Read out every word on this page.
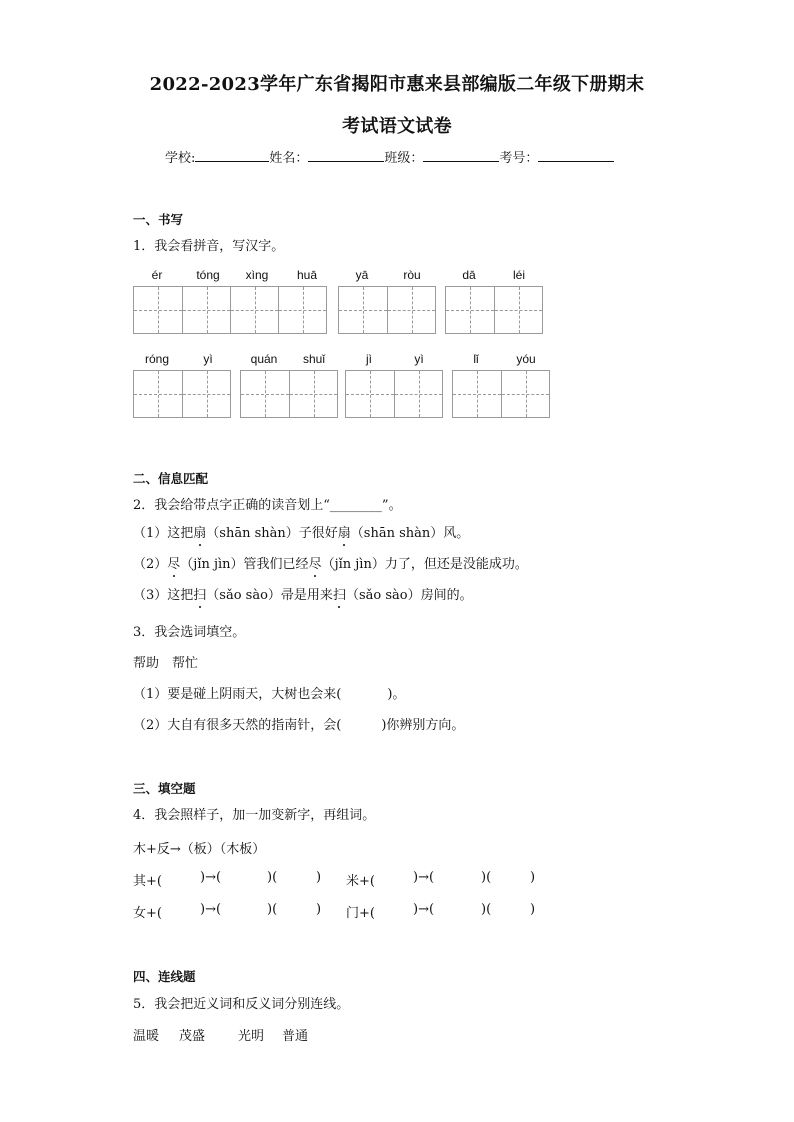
2022-2023学年广东省揭阳市惠来县部编版二年级下册期末
考试语文试卷
学校:	姓名：	班级：	考号：
一、书写
1．我会看拼音，写汉字。
ér	tóng	xìng	huā	yā	ròu	dā	léi
róng	yì	quán	shuǐ	jì	yì	lǐ	yóu
二、信息匹配
2．我会给带点字正确的读音划上“________”。
（1）这把扇（shān shàn）子很好扇（shān shàn）风。
（2）尽（jǐn jìn）管我们已经尽（jǐn jìn）力了，但还是没能成功。
（3）这把扫（sǎo sào）帚是用来扫（sǎo sào）房间的。
3．我会选词填空。
帮助　帮忙
（1）要是碰上阴雨天，大树也会来(	)。
（2）大自有很多天然的指南针，会(	)你辨别方向。
三、填空题
4．我会照样子，加一加变新字，再组词。
木+反→（板）（木板）
其+(	)→(	)(	) 米+(	)→(	)(	)
女+(	)→(	)(	) 门+(	)→(	)(	)
四、连线题
5．我会把近义词和反义词分别连线。
温暖 茂盛	光明 普通
